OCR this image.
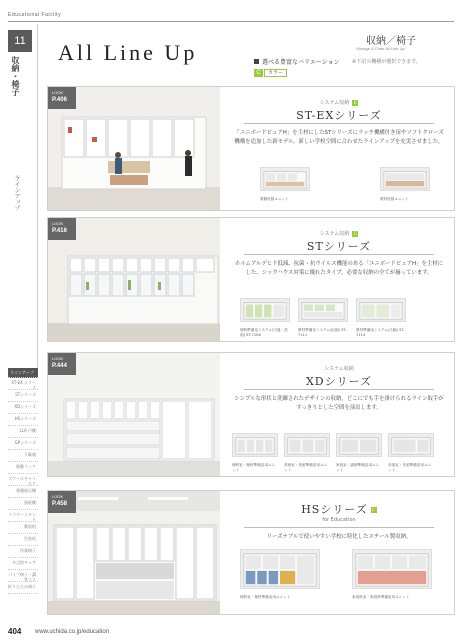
Educational Facility
11
収納・椅子
ラインアップ
All Line Up	収納／椅子
Storage & Chair All Line Up
選べる豊富なバリエーション ※下記の機種が選択できます。
C	カラー
ラインアップ
ST-EX シリーズ
STシリーズ
XDシリーズ
HSシリーズ
LLA 戸棚
GPシリーズ
下駄箱
移動ラック
スクールチャイルド
書籍展示棚
黒板棚
フラワースタンド
教員机
生徒机
作業椅子
多目的チェア
パイプ椅子・講堂イス
折りたたみ椅子
LOOK
P.406	システム収納 C
ST-EXシリーズ
「ユニボードピュアH」を主材にしたSTシリーズにラッチ機構付き扉やソフトクローズ機構を追加した新モデル。新しい学校空間に合わせたラインアップを充実させました。
書籍収納ユニット	教材収納ユニット
LOOK
P.416	システム収納 C
STシリーズ
ホルムアルデヒド低減、抗菌・抗ウイルス機能のある「ユニボードピュアH」を主材にした、シックハウス対策に優れたタイプ。必要な収納の全てが揃っています。
理科準備室システム(引違・洗剤) ST-7106
教材準備室システム(収納) ST-7111
教材準備室システム(広幅) ST-7114
LOOK
P.444	システム収納
XDシリーズ
シンプルな形状と洗練されたデザインの収納。どこにでも手を掛けられるライン取手がすっきりとした空間を演出します。
理科室・理科準備室用ユニット
美術室・美術準備室用ユニット
家庭室・調理準備室用ユニット
音楽室・音楽準備室用ユニット
LOOK
P.458	HSシリーズ C
for Education
リーズナブルで使いやすい学校に特化したスチール製収納。
理科室・理科準備室用ユニット	家庭科室・家庭科準備室用ユニット
404 www.uchida.co.jp/education
